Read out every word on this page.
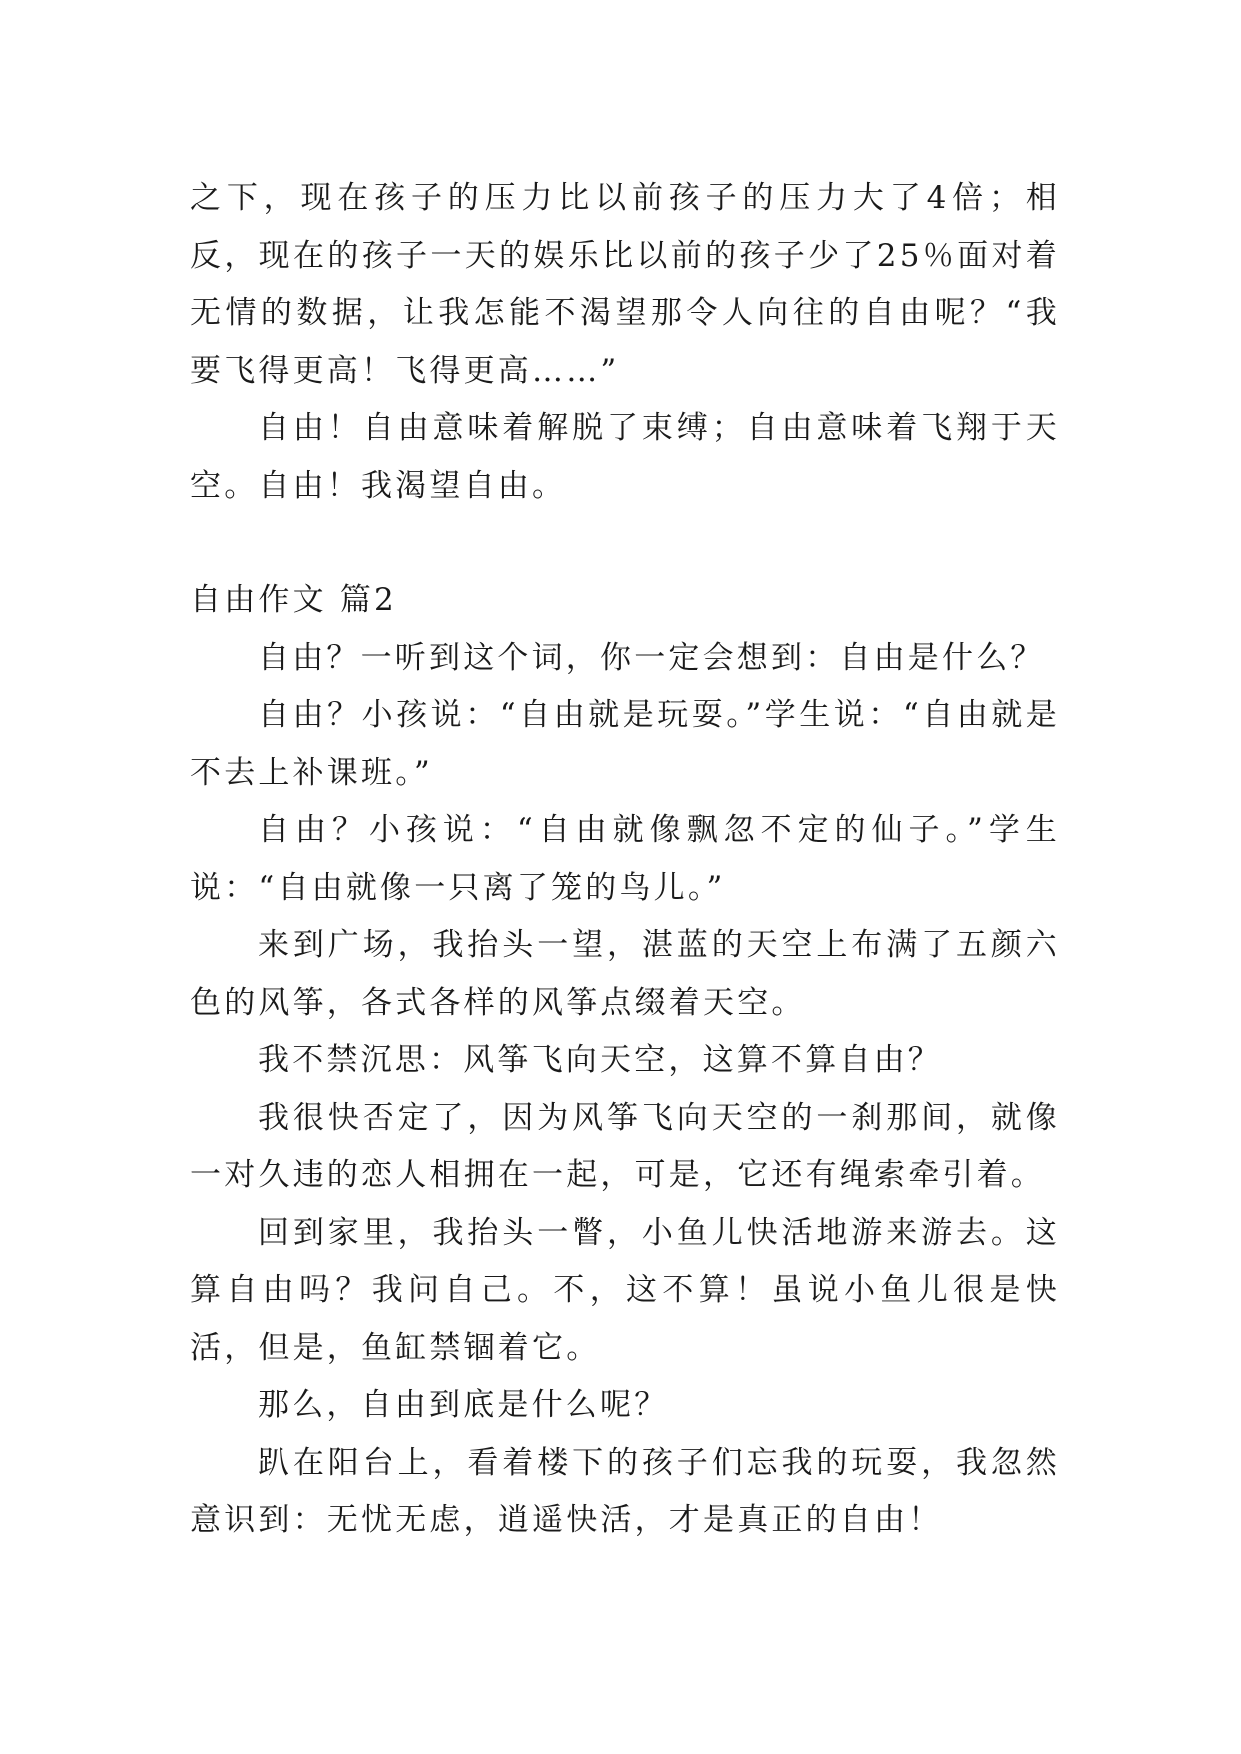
之下，现在孩子的压力比以前孩子的压力大了4倍；相反，现在的孩子一天的娱乐比以前的孩子少了25％面对着无情的数据，让我怎能不渴望那令人向往的自由呢？“我要飞得更高！飞得更高……”

自由！自由意味着解脱了束缚；自由意味着飞翔于天空。自由！我渴望自由。

自由作文 篇2

自由？一听到这个词，你一定会想到：自由是什么？

自由？小孩说：“自由就是玩耍。”学生说：“自由就是不去上补课班。”

自由？小孩说：“自由就像飘忽不定的仙子。”学生说：“自由就像一只离了笼的鸟儿。”

来到广场，我抬头一望，湛蓝的天空上布满了五颜六色的风筝，各式各样的风筝点缀着天空。

我不禁沉思：风筝飞向天空，这算不算自由？

我很快否定了，因为风筝飞向天空的一刹那间，就像一对久违的恋人相拥在一起，可是，它还有绳索牵引着。

回到家里，我抬头一瞥，小鱼儿快活地游来游去。这算自由吗？我问自己。不，这不算！虽说小鱼儿很是快活，但是，鱼缸禁锢着它。

那么，自由到底是什么呢？

趴在阳台上，看着楼下的孩子们忘我的玩耍，我忽然意识到：无忧无虑，逍遥快活，才是真正的自由！
